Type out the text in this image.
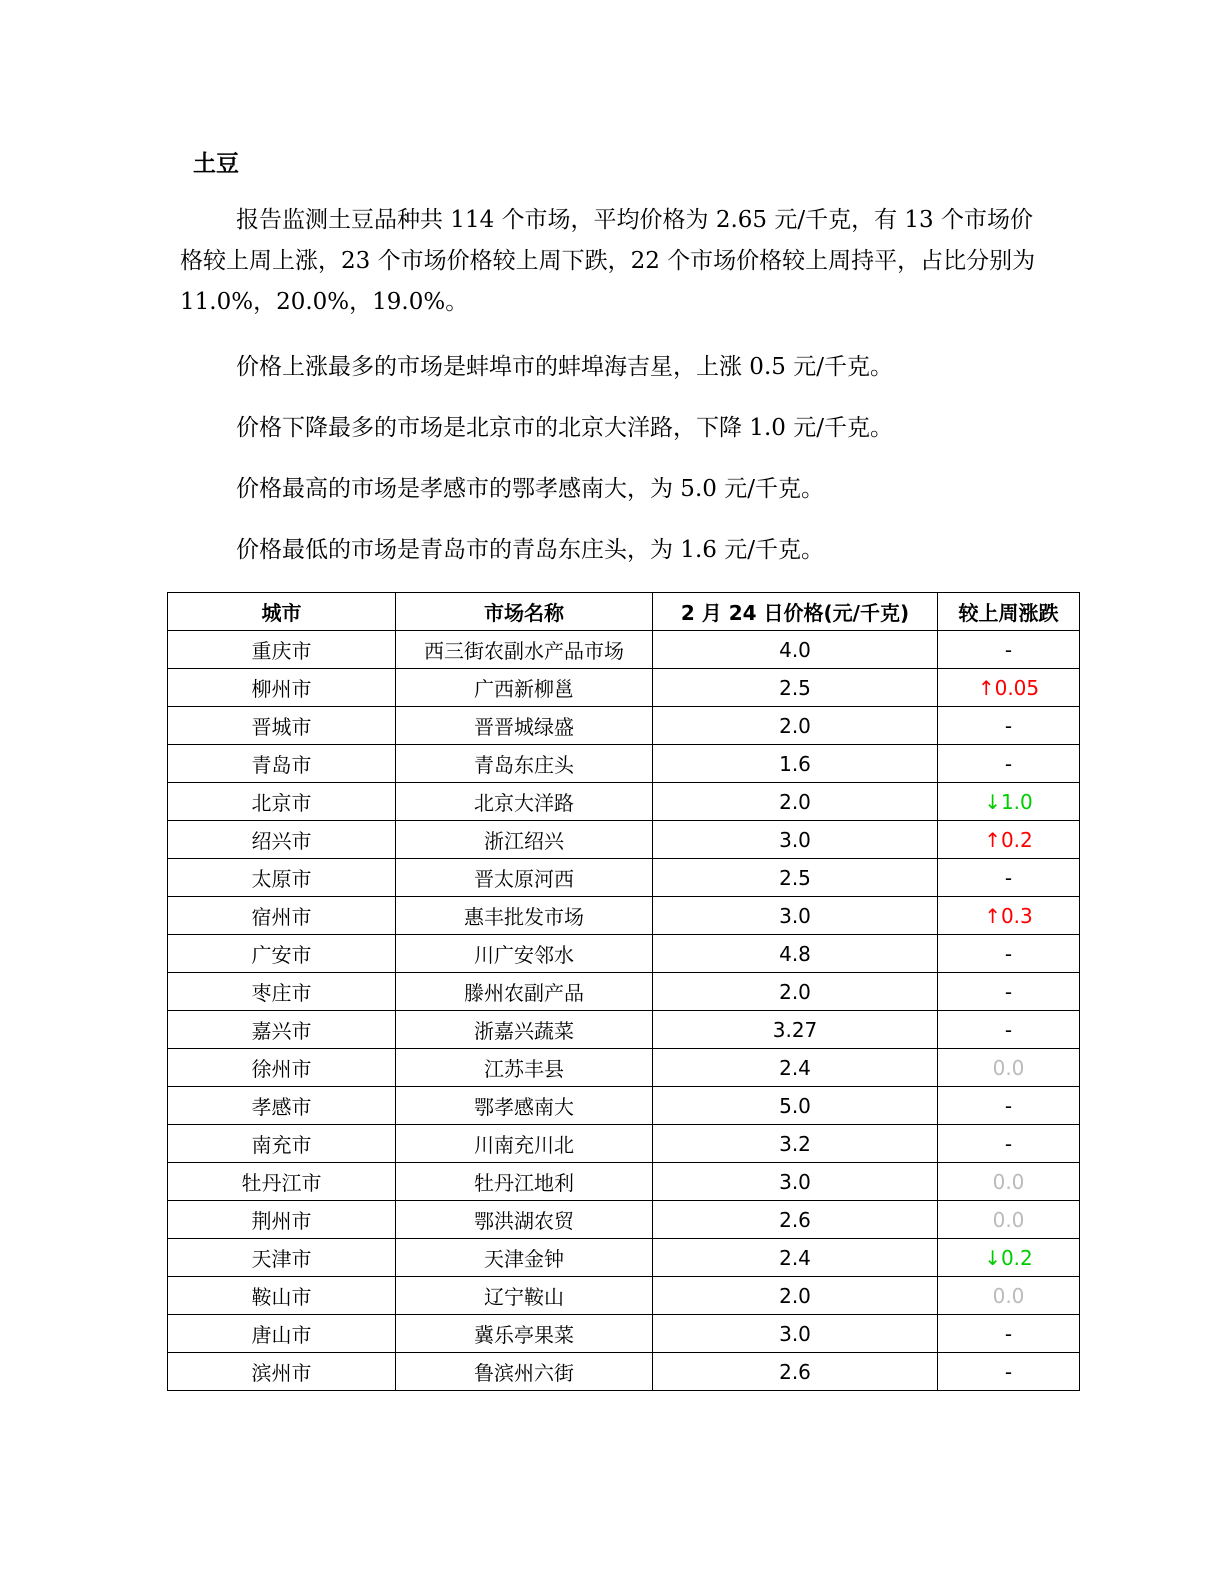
土豆
报告监测土豆品种共 114 个市场，平均价格为 2.65 元/千克，有 13 个市场价格较上周上涨，23 个市场价格较上周下跌，22 个市场价格较上周持平，占比分别为 11.0%，20.0%，19.0%。
价格上涨最多的市场是蚌埠市的蚌埠海吉星，上涨 0.5 元/千克。
价格下降最多的市场是北京市的北京大洋路，下降 1.0 元/千克。
价格最高的市场是孝感市的鄂孝感南大，为 5.0 元/千克。
价格最低的市场是青岛市的青岛东庄头，为 1.6 元/千克。
城市	市场名称	2 月 24 日价格(元/千克)	较上周涨跌
重庆市	西三街农副水产品市场	4.0	-
柳州市	广西新柳邕	2.5	↑0.05
晋城市	晋晋城绿盛	2.0	-
青岛市	青岛东庄头	1.6	-
北京市	北京大洋路	2.0	↓1.0
绍兴市	浙江绍兴	3.0	↑0.2
太原市	晋太原河西	2.5	-
宿州市	惠丰批发市场	3.0	↑0.3
广安市	川广安邻水	4.8	-
枣庄市	滕州农副产品	2.0	-
嘉兴市	浙嘉兴蔬菜	3.27	-
徐州市	江苏丰县	2.4	0.0
孝感市	鄂孝感南大	5.0	-
南充市	川南充川北	3.2	-
牡丹江市	牡丹江地利	3.0	0.0
荆州市	鄂洪湖农贸	2.6	0.0
天津市	天津金钟	2.4	↓0.2
鞍山市	辽宁鞍山	2.0	0.0
唐山市	冀乐亭果菜	3.0	-
滨州市	鲁滨州六街	2.6	-
